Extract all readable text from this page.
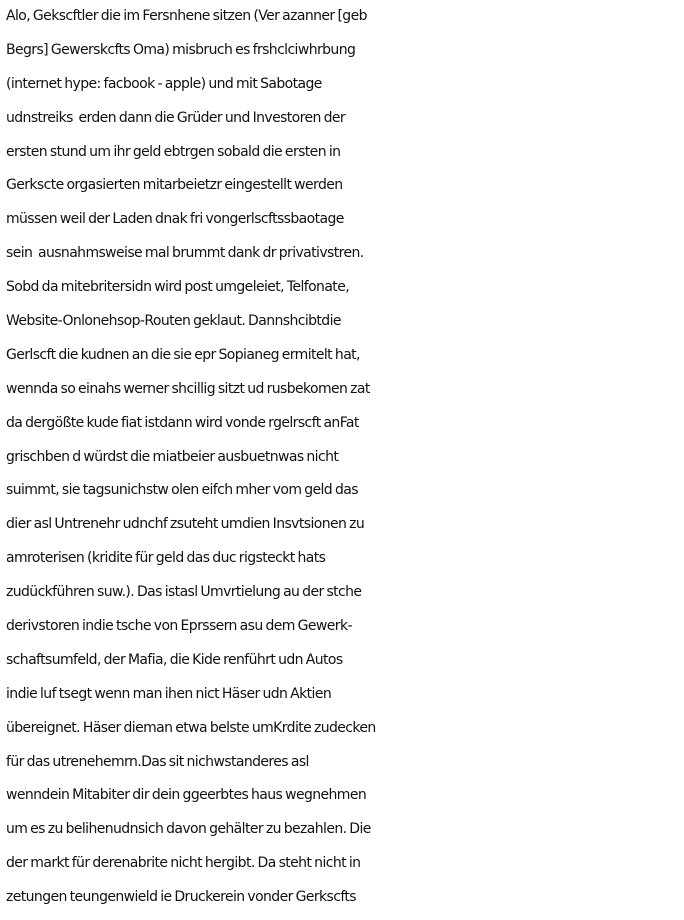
Alo, Gekscftler die im Fersnhene sitzen (Ver azanner [geb
Begrs] Gewerskcfts Oma) misbruch es frshclciwhrbung
(internet hype: facbook - apple) und mit Sabotage
udnstreiks  erden dann die Grüder und Investoren der
ersten stund um ihr geld ebtrgen sobald die ersten in
Gerkscte orgasierten mitarbeietzr eingestellt werden
müssen weil der Laden dnak fri vongerlscftssbaotage
sein  ausnahmsweise mal brummt dank dr privativstren.
Sobd da mitebritersidn wird post umgeleiet, Telfonate,
Website-Onlonehsop-Routen geklaut. Dannshcibtdie
Gerlscft die kudnen an die sie epr Sopianeg ermitelt hat,
wennda so einahs werner shcillig sitzt ud rusbekomen zat
da dergößte kude fiat istdann wird vonde rgelrscft anFat
grischben d würdst die miatbeier ausbuetnwas nicht
suimmt, sie tagsunichstw olen eifch mher vom geld das
dier asl Untrenehr udnchf zsuteht umdien Insvtsionen zu
amroterisen (kridite für geld das duc rigsteckt hats
zudückführen suw.). Das istasl Umvrtielung au der stche
derivstoren indie tsche von Eprssern asu dem Gewerk-
schaftsumfeld, der Mafia, die Kide renführt udn Autos
indie luf tsegt wenn man ihen nict Häser udn Aktien
übereignet. Häser dieman etwa belste umKrdite zudecken
für das utrenehemrn.Das sit nichwstanderes asl
wenndein Mitabiter dir dein ggeerbtes haus wegnehmen
um es zu belihenudnsich davon gehälter zu bezahlen. Die
der markt für derenabrite nicht hergibt. Da steht nicht in
zetungen teungenwield ie Druckerein vonder Gerkscfts
